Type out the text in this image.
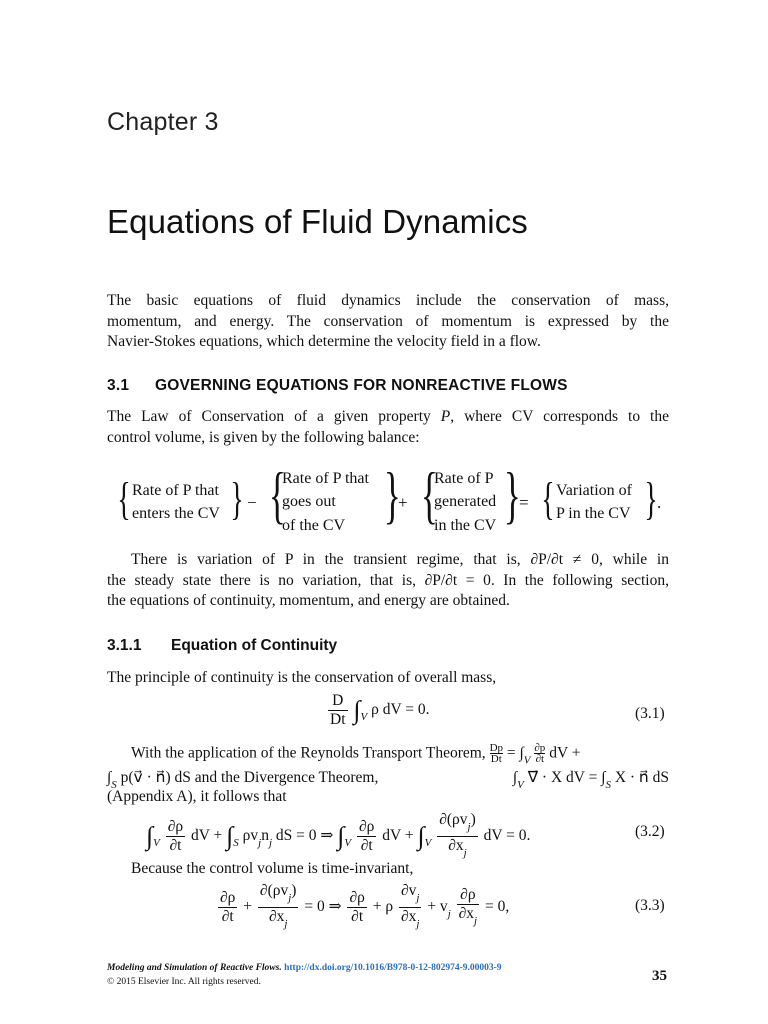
Chapter 3
Equations of Fluid Dynamics
The basic equations of fluid dynamics include the conservation of mass,
momentum, and energy. The conservation of momentum is expressed by the
Navier-Stokes equations, which determine the velocity field in a flow.
3.1 GOVERNING EQUATIONS FOR NONREACTIVE FLOWS
The Law of Conservation of a given property P, where CV corresponds to the
control volume, is given by the following balance:
{ Rate of P that
enters the CV } − {
Rate of P that
goes out
of the CV }
+ {
Rate of P
generated
in the CV }
= { Variation of
P in the CV } .
There is variation of P in the transient regime, that is, ∂P/∂t ≠ 0, while in
the steady state there is no variation, that is, ∂P/∂t = 0. In the following section,
the equations of continuity, momentum, and energy are obtained.
3.1.1 Equation of Continuity
The principle of continuity is the conservation of overall mass,
$\frac{D}{Dt} \int_V$ ρ dV = 0.	(3.1)
With the application of the Reynolds Transport Theorem, $\frac{Dp}{Dt} = \int_V \frac{\partial p}{\partial t}$ dV +
$\int_S$ p(v⃗ · n⃗) dS and the Divergence Theorem,	$\int_V$ ∇⃗ · X dV = $\int_S$ X · n⃗ dS
(Appendix A), it follows that
$\int_V \frac{\partial\rho}{\partial t}$ dV + $\int_S$ $\rho v_jn_j$ dS = 0 ⇒ $\int_V \frac{\partial\rho}{\partial t}$ dV + $\int_V \frac{\partial(\rho v_j)}{\partial x_j}$ dV = 0.	(3.2)
Because the control volume is time-invariant,
$\frac{\partial\rho}{\partial t} + \frac{\partial(\rho v_j)}{\partial x_j} = 0$ ⇒ $\frac{\partial\rho}{\partial t} + \rho \frac{\partial v_j}{\partial x_j} + v_j \frac{\partial\rho}{\partial x_j} = 0$,	(3.3)
Modeling and Simulation of Reactive Flows. http://dx.doi.org/10.1016/B978-0-12-802974-9.00003-9
© 2015 Elsevier Inc. All rights reserved.	35
